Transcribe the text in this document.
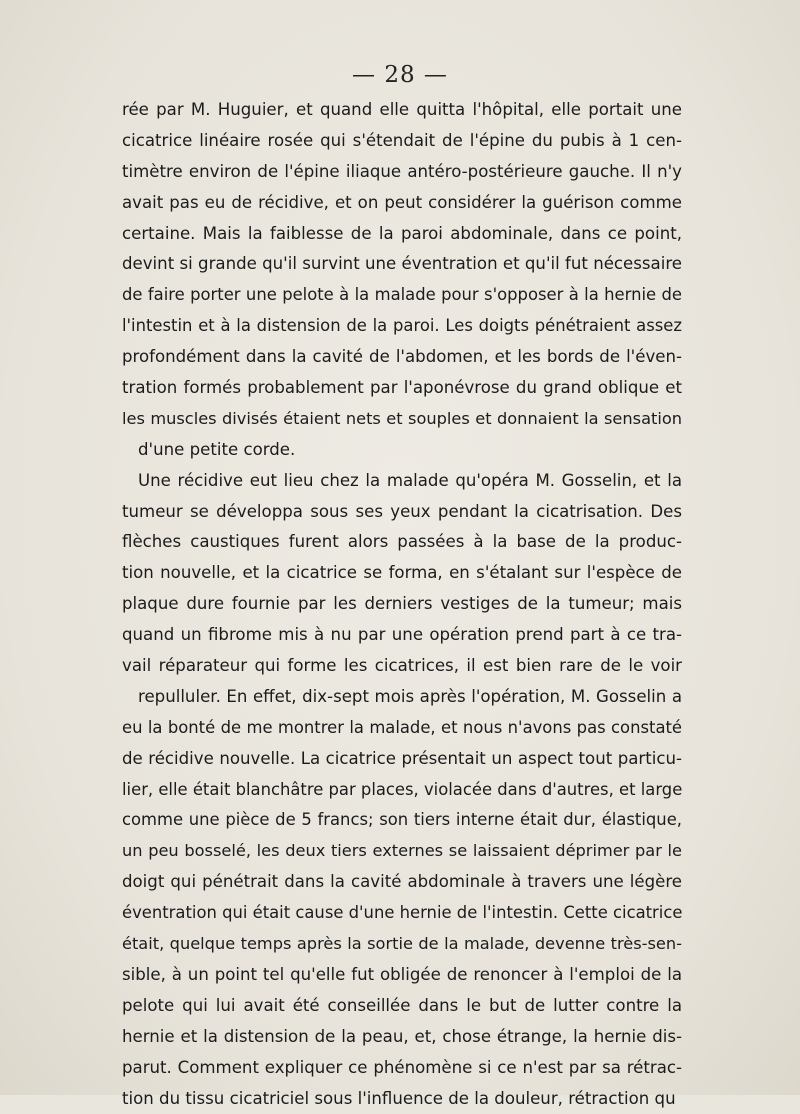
— 28 —
rée par M. Huguier, et quand elle quitta l'hôpital, elle portait une
cicatrice linéaire rosée qui s'étendait de l'épine du pubis à 1 cen-
timètre environ de l'épine iliaque antéro-postérieure gauche. Il n'y
avait pas eu de récidive, et on peut considérer la guérison comme
certaine. Mais la faiblesse de la paroi abdominale, dans ce point,
devint si grande qu'il survint une éventration et qu'il fut nécessaire
de faire porter une pelote à la malade pour s'opposer à la hernie de
l'intestin et à la distension de la paroi. Les doigts pénétraient assez
profondément dans la cavité de l'abdomen, et les bords de l'éven-
tration formés probablement par l'aponévrose du grand oblique et
les muscles divisés étaient nets et souples et donnaient la sensation
d'une petite corde.
Une récidive eut lieu chez la malade qu'opéra M. Gosselin, et la
tumeur se développa sous ses yeux pendant la cicatrisation. Des
flèches caustiques furent alors passées à la base de la produc-
tion nouvelle, et la cicatrice se forma, en s'étalant sur l'espèce de
plaque dure fournie par les derniers vestiges de la tumeur; mais
quand un fibrome mis à nu par une opération prend part à ce tra-
vail réparateur qui forme les cicatrices, il est bien rare de le voir
repulluler. En effet, dix-sept mois après l'opération, M. Gosselin a
eu la bonté de me montrer la malade, et nous n'avons pas constaté
de récidive nouvelle. La cicatrice présentait un aspect tout particu-
lier, elle était blanchâtre par places, violacée dans d'autres, et large
comme une pièce de 5 francs; son tiers interne était dur, élastique,
un peu bosselé, les deux tiers externes se laissaient déprimer par le
doigt qui pénétrait dans la cavité abdominale à travers une légère
éventration qui était cause d'une hernie de l'intestin. Cette cicatrice
était, quelque temps après la sortie de la malade, devenne très-sen-
sible, à un point tel qu'elle fut obligée de renoncer à l'emploi de la
pelote qui lui avait été conseillée dans le but de lutter contre la
hernie et la distension de la peau, et, chose étrange, la hernie dis-
parut. Comment expliquer ce phénomène si ce n'est par sa rétrac-
tion du tissu cicatriciel sous l'influence de la douleur, rétraction qu
